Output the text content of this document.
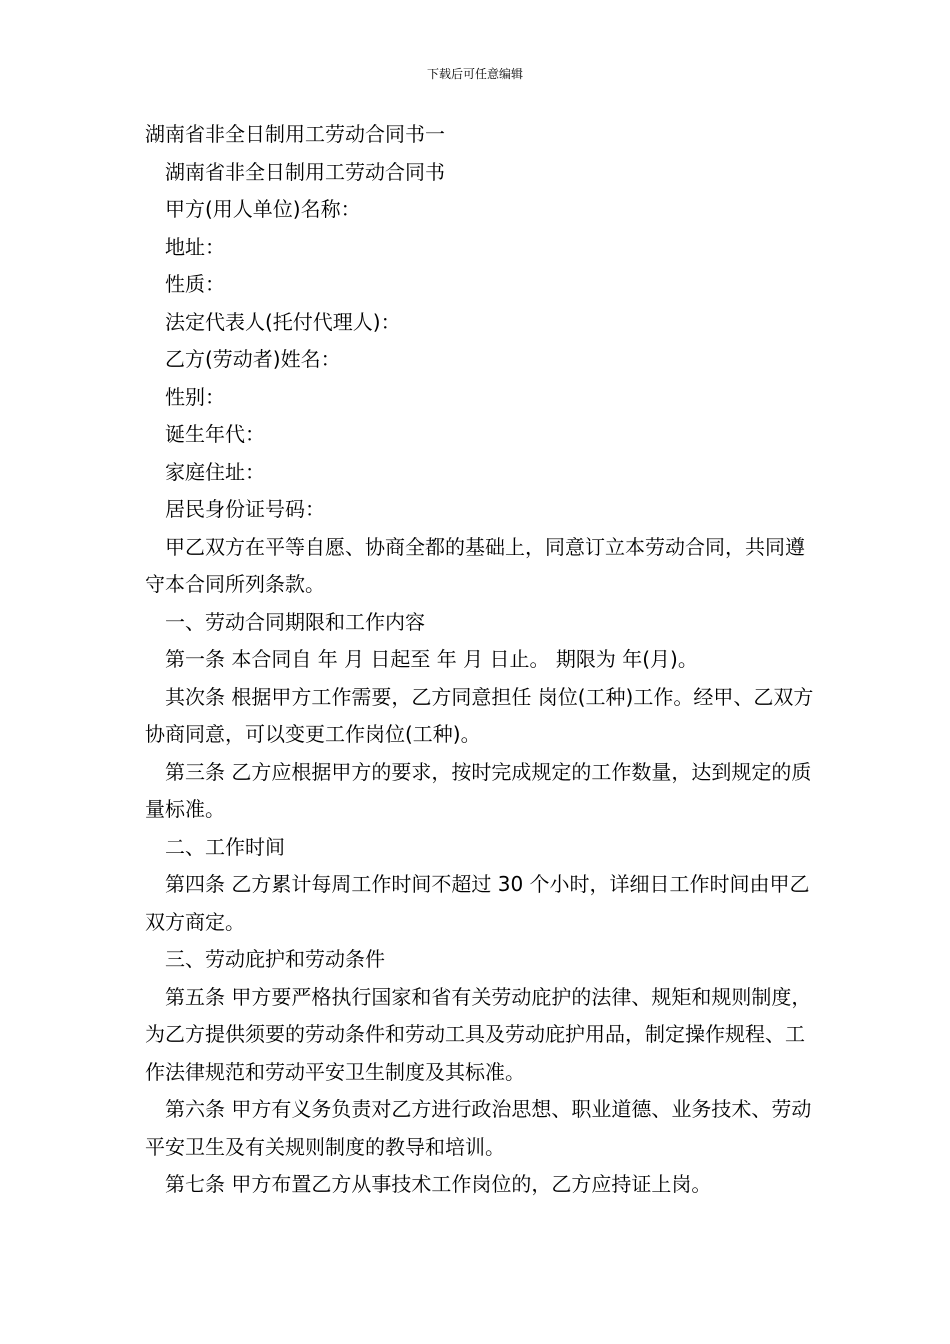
下载后可任意编辑

湖南省非全日制用工劳动合同书一

湖南省非全日制用工劳动合同书

甲方(用人单位)名称：

地址：

性质：

法定代表人(托付代理人)：

乙方(劳动者)姓名：

性别：

诞生年代：

家庭住址：

居民身份证号码：

甲乙双方在平等自愿、协商全都的基础上，同意订立本劳动合同，共同遵守本合同所列条款。

一、劳动合同期限和工作内容

第一条 本合同自 年 月 日起至 年 月 日止。 期限为 年(月)。

其次条 根据甲方工作需要，乙方同意担任 岗位(工种)工作。经甲、乙双方协商同意，可以变更工作岗位(工种)。

第三条 乙方应根据甲方的要求，按时完成规定的工作数量，达到规定的质量标准。

二、工作时间

第四条 乙方累计每周工作时间不超过 30 个小时，详细日工作时间由甲乙双方商定。

三、劳动庇护和劳动条件

第五条 甲方要严格执行国家和省有关劳动庇护的法律、规矩和规则制度，为乙方提供须要的劳动条件和劳动工具及劳动庇护用品，制定操作规程、工作法律规范和劳动平安卫生制度及其标准。

第六条 甲方有义务负责对乙方进行政治思想、职业道德、业务技术、劳动平安卫生及有关规则制度的教导和培训。

第七条 甲方布置乙方从事技术工作岗位的，乙方应持证上岗。
